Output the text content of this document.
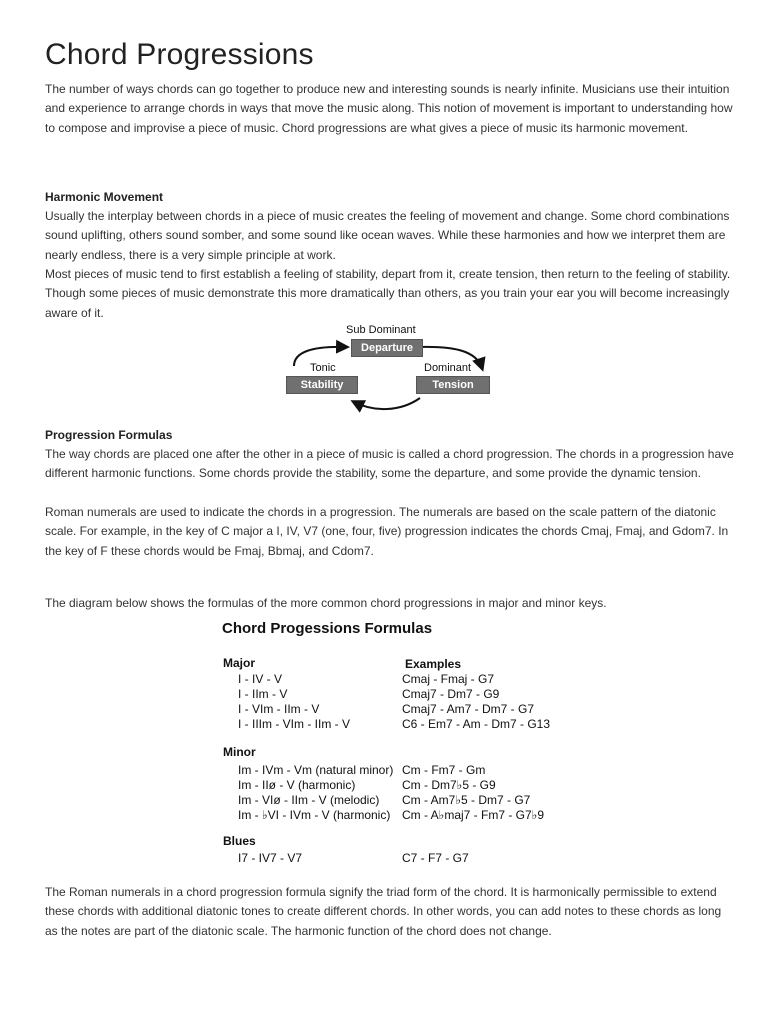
Chord Progressions

The number of ways chords can go together to produce new and interesting sounds is nearly infinite. Musicians use their intuition and experience to arrange chords in ways that move the music along. This notion of movement is important to understanding how to compose and improvise a piece of music. Chord progressions are what gives a piece of music its harmonic movement.

Harmonic Movement

Usually the interplay between chords in a piece of music creates the feeling of movement and change. Some chord combinations sound uplifting, others sound somber, and some sound like ocean waves. While these harmonies and how we interpret them are nearly endless, there is a very simple principle at work.

Most pieces of music tend to first establish a feeling of stability, depart from it, create tension, then return to the feeling of stability. Though some pieces of music demonstrate this more dramatically than others, as you train your ear you will become increasingly aware of it.

Sub Dominant
Departure
Tonic
Stability
Dominant
Tension
Progression Formulas

The way chords are placed one after the other in a piece of music is called a chord progression. The chords in a progression have different harmonic functions. Some chords provide the stability, some the departure, and some provide the dynamic tension.

Roman numerals are used to indicate the chords in a progression. The numerals are based on the scale pattern of the diatonic scale. For example, in the key of C major a I, IV, V7 (one, four, five) progression indicates the chords Cmaj, Fmaj, and Gdom7. In the key of F these chords would be Fmaj, Bbmaj, and Cdom7.

The diagram below shows the formulas of the more common chord progressions in major and minor keys.

Chord Progessions Formulas
Major	Examples
I - IV - V	Cmaj - Fmaj - G7
I - IIm - V	Cmaj7 - Dm7 - G9
I - VIm - IIm - V	Cmaj7 - Am7 - Dm7 - G7
I - IIIm - VIm - IIm - V	C6 - Em7 - Am - Dm7 - G13
Minor
Im - IVm - Vm (natural minor) Cm - Fm7 - Gm
Im - IIø - V (harmonic)	Cm - Dm7♭5 - G9
Im - VIø - IIm - V (melodic) Cm - Am7♭5 - Dm7 - G7
Im - ♭VI - IVm - V (harmonic) Cm - A♭maj7 - Fm7 - G7♭9
Blues
I7 - IV7 - V7	C7 - F7 - G7

The Roman numerals in a chord progression formula signify the triad form of the chord. It is harmonically permissible to extend these chords with additional diatonic tones to create different chords. In other words, you can add notes to these chords as long as the notes are part of the diatonic scale. The harmonic function of the chord does not change.
